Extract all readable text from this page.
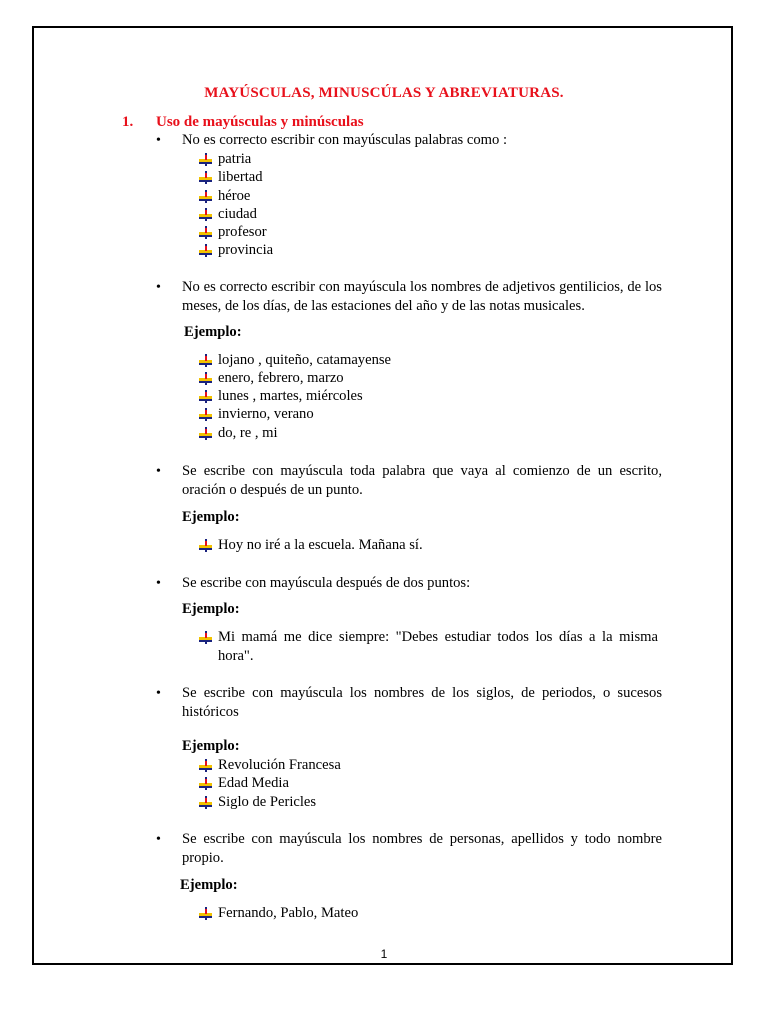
MAYÚSCULAS, MINUSCÚLAS Y ABREVIATURAS.
1. Uso de mayúsculas y minúsculas
• No es correcto escribir con mayúsculas palabras como :
patria
libertad
héroe
ciudad
profesor
provincia
• No es correcto escribir con mayúscula los nombres de adjetivos gentilicios, de los meses, de los días, de las estaciones del año y de las notas musicales.
Ejemplo:
lojano , quiteño, catamayense
enero, febrero, marzo
lunes , martes, miércoles
invierno, verano
do, re , mi
• Se escribe con mayúscula toda palabra que vaya al comienzo de un escrito, oración o después de un punto.
Ejemplo:
Hoy no iré a la escuela. Mañana sí.
• Se escribe con mayúscula después de dos puntos:
Ejemplo:
Mi mamá me dice siempre: "Debes estudiar todos los días a la misma hora".
• Se escribe con mayúscula los nombres de los siglos, de periodos, o sucesos históricos
Ejemplo:
Revolución Francesa
Edad Media
Siglo de Pericles
• Se escribe con mayúscula los nombres de personas, apellidos y todo nombre propio.
Ejemplo:
Fernando, Pablo, Mateo
1
